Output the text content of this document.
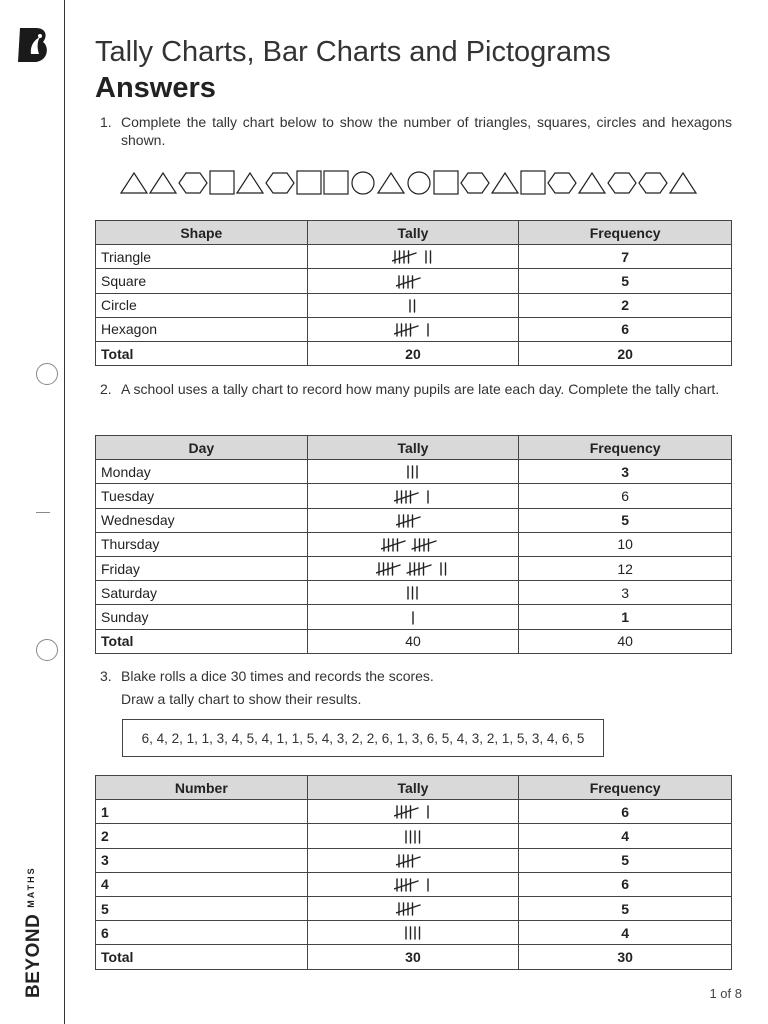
$BEYOND^{MATHS}$
Tally Charts, Bar Charts and Pictograms
Answers
1. Complete the tally chart below to show the number of triangles, squares, circles and hexagons shown.
Shape	Tally	Frequency
Triangle		7
Square		5
Circle		2
Hexagon		6
Total	20	20
2. A school uses a tally chart to record how many pupils are late each day. Complete the tally chart.
Day	Tally	Frequency
Monday		3
Tuesday		6
Wednesday		5
Thursday		10
Friday		12
Saturday		3
Sunday		1
Total	40	40
3. Blake rolls a dice 30 times and records the scores.
Draw a tally chart to show their results.
6, 4, 2, 1, 1, 3, 4, 5, 4, 1, 1, 5, 4, 3, 2, 2, 6, 1, 3, 6, 5, 4, 3, 2, 1, 5, 3, 4, 6, 5
Number	Tally	Frequency
1		6
2		4
3		5
4		6
5		5
6		4
Total	30	30
1 of 8
